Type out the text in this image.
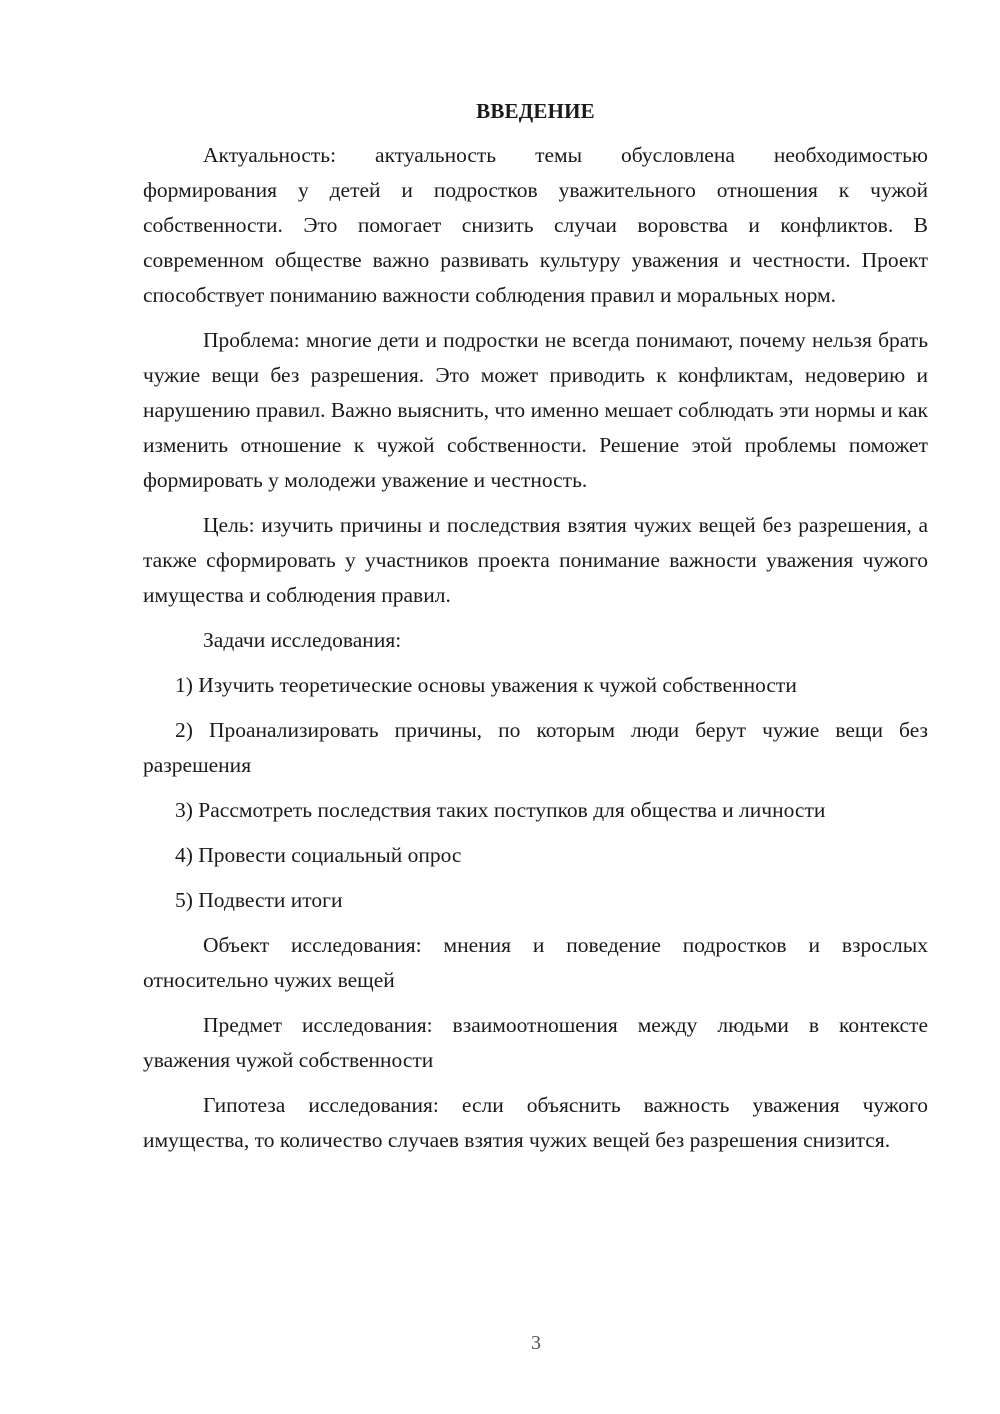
ВВЕДЕНИЕ

Актуальность: актуальность темы обусловлена необходимостью формирования у детей и подростков уважительного отношения к чужой собственности. Это помогает снизить случаи воровства и конфликтов. В современном обществе важно развивать культуру уважения и честности. Проект способствует пониманию важности соблюдения правил и моральных норм.

Проблема: многие дети и подростки не всегда понимают, почему нельзя брать чужие вещи без разрешения. Это может приводить к конфликтам, недоверию и нарушению правил. Важно выяснить, что именно мешает соблюдать эти нормы и как изменить отношение к чужой собственности. Решение этой проблемы поможет формировать у молодежи уважение и честность.

Цель: изучить причины и последствия взятия чужих вещей без разрешения, а также сформировать у участников проекта понимание важности уважения чужого имущества и соблюдения правил.

Задачи исследования:

1) Изучить теоретические основы уважения к чужой собственности

2) Проанализировать причины, по которым люди берут чужие вещи без разрешения

3) Рассмотреть последствия таких поступков для общества и личности

4) Провести социальный опрос

5) Подвести итоги

Объект исследования: мнения и поведение подростков и взрослых относительно чужих вещей

Предмет исследования: взаимоотношения между людьми в контексте уважения чужой собственности

Гипотеза исследования: если объяснить важность уважения чужого имущества, то количество случаев взятия чужих вещей без разрешения снизится.

3
